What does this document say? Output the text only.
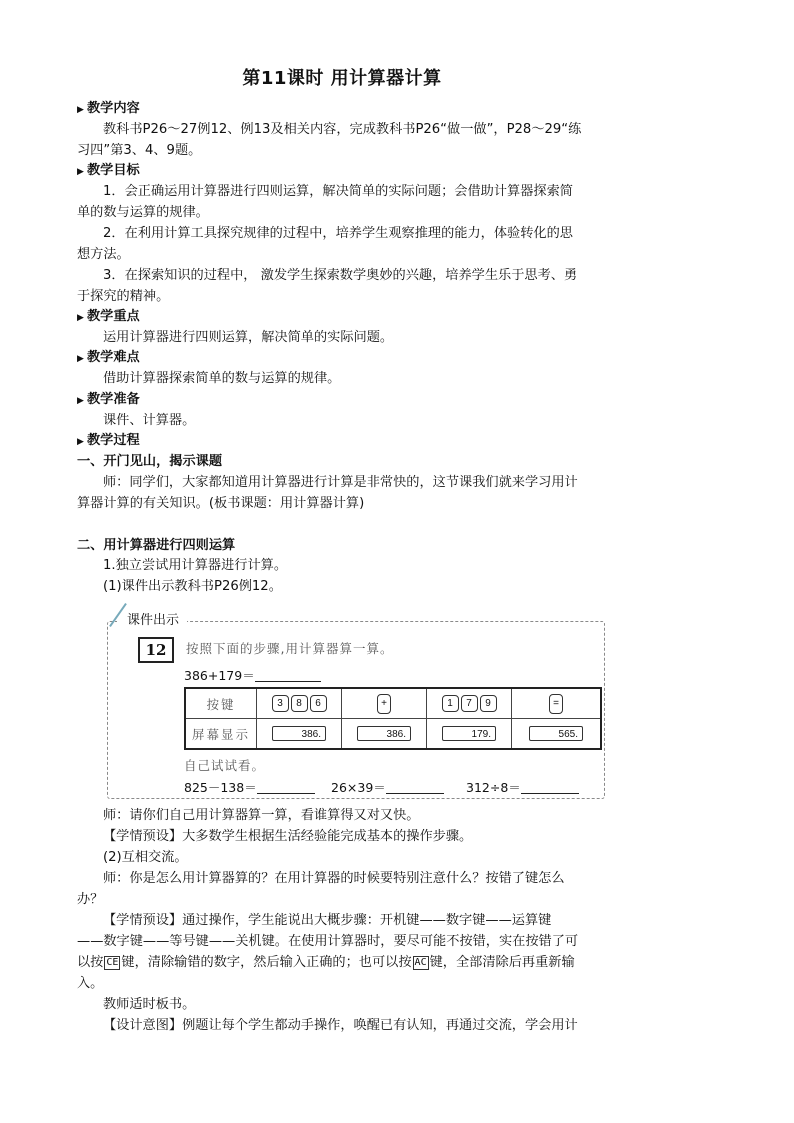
第11课时 用计算器计算
▶ 教学内容
教科书P26～27例12、例13及相关内容，完成教科书P26“做一做”，P28～29“练
习四”第3、4、9题。
▶ 教学目标
1．会正确运用计算器进行四则运算，解决简单的实际问题；会借助计算器探索简
单的数与运算的规律。
2．在利用计算工具探究规律的过程中，培养学生观察推理的能力，体验转化的思
想方法。
3．在探索知识的过程中， 激发学生探索数学奥妙的兴趣，培养学生乐于思考、勇
于探究的精神。
▶ 教学重点
运用计算器进行四则运算，解决简单的实际问题。
▶ 教学难点
借助计算器探索简单的数与运算的规律。
▶ 教学准备
课件、计算器。
▶ 教学过程
一、开门见山，揭示课题
师：同学们，大家都知道用计算器进行计算是非常快的，这节课我们就来学习用计
算器计算的有关知识。(板书课题：用计算器计算)
二、用计算器进行四则运算
1.独立尝试用计算器进行计算。
(1)课件出示教科书P26例12。
课件出示
12	按照下面的步骤,用计算器算一算。
386+179＝
按键	3 8 6	+	1 7 9	=
屏幕显示	386.	386.	179.	565.
自己试试看。
825－138＝	26×39＝	312÷8＝
师：请你们自己用计算器算一算，看谁算得又对又快。
【学情预设】大多数学生根据生活经验能完成基本的操作步骤。
(2)互相交流。
师：你是怎么用计算器算的？在用计算器的时候要特别注意什么？按错了键怎么
办？
【学情预设】通过操作，学生能说出大概步骤：开机键——数字键——运算键
——数字键——等号键——关机键。在使用计算器时，要尽可能不按错，实在按错了可
以按 CE 键，清除输错的数字，然后输入正确的；也可以按 AC 键，全部清除后再重新输
入。
教师适时板书。
【设计意图】例题让每个学生都动手操作，唤醒已有认知，再通过交流，学会用计
